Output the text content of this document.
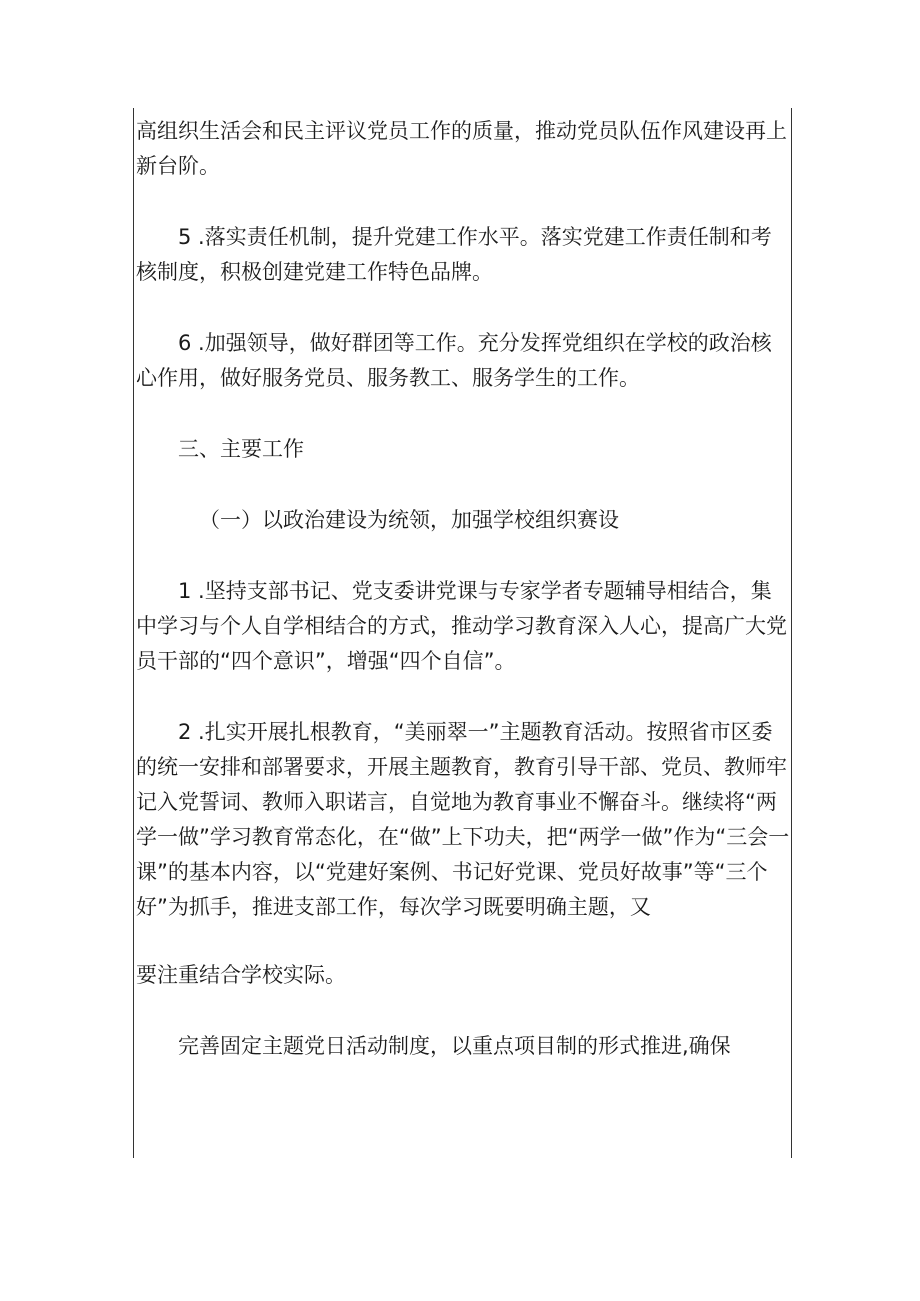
高组织生活会和民主评议党员工作的质量，推动党员队伍作风建设再上新台阶。

5 .落实责任机制，提升党建工作水平。落实党建工作责任制和考核制度，积极创建党建工作特色品牌。

6 .加强领导，做好群团等工作。充分发挥党组织在学校的政治核心作用，做好服务党员、服务教工、服务学生的工作。

三、主要工作

（一）以政治建设为统领，加强学校组织赛设

1 .坚持支部书记、党支委讲党课与专家学者专题辅导相结合，集中学习与个人自学相结合的方式，推动学习教育深入人心，提高广大党员干部的“四个意识”，增强“四个自信”。

2 .扎实开展扎根教育，“美丽翠一”主题教育活动。按照省市区委的统一安排和部署要求，开展主题教育，教育引导干部、党员、教师牢记入党誓词、教师入职诺言，自觉地为教育事业不懈奋斗。继续将“两学一做”学习教育常态化，在“做”上下功夫，把“两学一做”作为“三会一课”的基本内容，以“党建好案例、书记好党课、党员好故事”等“三个好”为抓手，推进支部工作，每次学习既要明确主题，又

要注重结合学校实际。

完善固定主题党日活动制度，以重点项目制的形式推进,确保
